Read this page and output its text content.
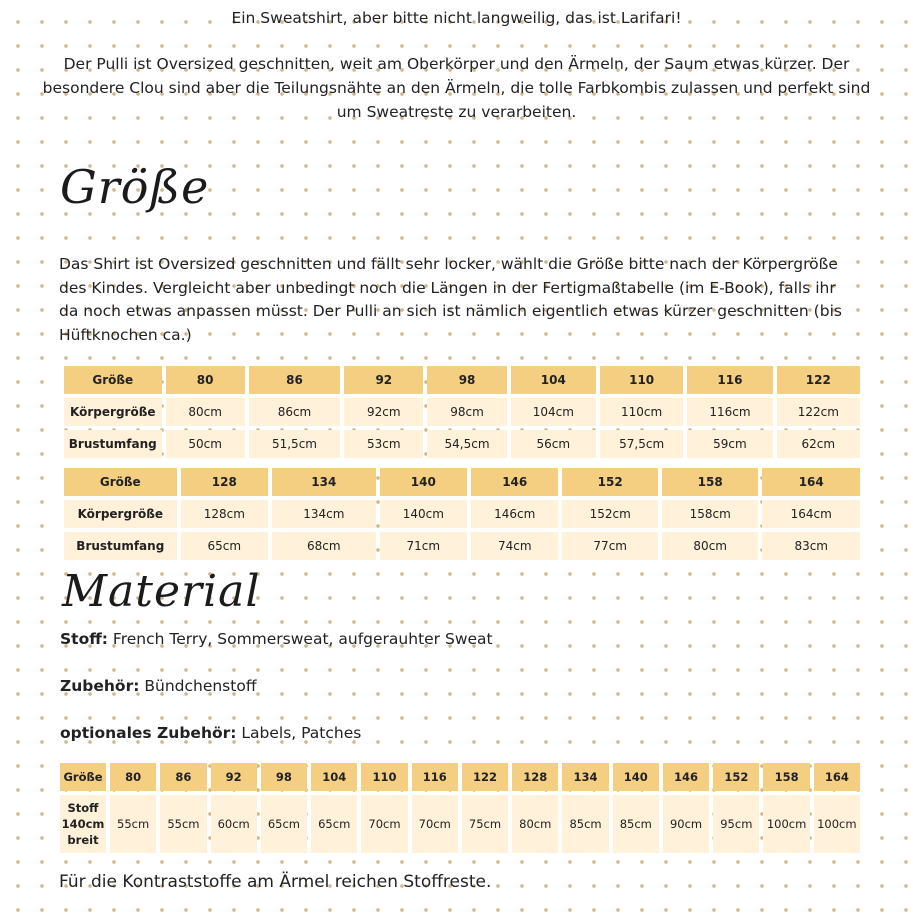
Ein Sweatshirt, aber bitte nicht langweilig, das ist Larifari!

Der Pulli ist Oversized geschnitten, weit am Oberkörper und den Ärmeln, der Saum etwas kürzer. Der besondere Clou sind aber die Teilungsnähte an den Ärmeln, die tolle Farbkombis zulassen und perfekt sind um Sweatreste zu verarbeiten.

Größe

Das Shirt ist Oversized geschnitten und fällt sehr locker, wählt die Größe bitte nach der Körpergröße des Kindes. Vergleicht aber unbedingt noch die Längen in der Fertigmaßtabelle (im E-Book), falls ihr da noch etwas anpassen müsst. Der Pulli an sich ist nämlich eigentlich etwas kürzer geschnitten (bis Hüftknochen ca.)

Größe	80	86	92	98	104	110	116	122
Körpergröße	80cm	86cm	92cm	98cm	104cm	110cm	116cm	122cm
Brustumfang	50cm	51,5cm	53cm	54,5cm	56cm	57,5cm	59cm	62cm
Größe	128	134	140	146	152	158	164
Körpergröße	128cm	134cm	140cm	146cm	152cm	158cm	164cm
Brustumfang	65cm	68cm	71cm	74cm	77cm	80cm	83cm
Material

Stoff: French Terry, Sommersweat, aufgerauhter Sweat

Zubehör: Bündchenstoff

optionales Zubehör: Labels, Patches

Größe	80	86	92	98	104	110	116	122	128	134	140	146	152	158	164
Stoff
140cm
breit	55cm	55cm	60cm	65cm	65cm	70cm	70cm	75cm	80cm	85cm	85cm	90cm	95cm	100cm	100cm

Für die Kontraststoffe am Ärmel reichen Stoffreste.
